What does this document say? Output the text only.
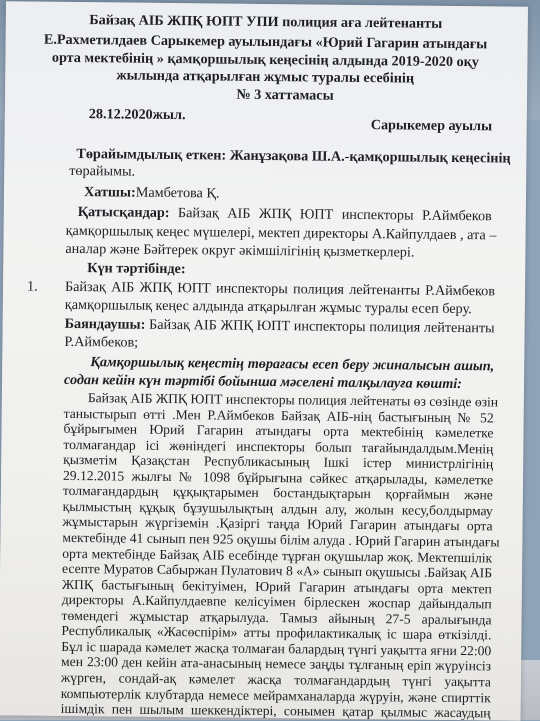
Байзақ АІБ ЖПҚ ЮПТ УПИ полиция аға лейтенанты
Е.Рахметилдаев Сарыкемер ауылындағы «Юрий Гагарин атындағы
орта мектебінің » қамқоршылық кеңесінің алдында 2019-2020 оқу
жылында атқарылған жұмыс туралы есебінің
№ 3 хаттамасы
28.12.2020жыл.
Сарыкемер ауылы
Төрайымдылық еткен: Жанұзақова Ш.А.-қамқоршылық кеңесінің
төрайымы.
Хатшы:Мамбетова Қ.
Қатысқандар: Байзақ АІБ ЖПҚ ЮПТ инспекторы Р.Аймбеков
қамқоршылық кеңес мүшелері, мектеп директоры А.Кайпулдаев , ата –
аналар және Бәйтерек округ әкімшілігінің қызметкерлері.
Күн тәртібінде:
1. Байзақ АІБ ЖПҚ ЮПТ инспекторы полиция лейтенанты Р.Аймбеков
қамқоршылық кеңес алдында атқарылған жұмыс туралы есеп беру.
Баяндаушы: Байзақ АІБ ЖПҚ ЮПТ инспекторы полиция лейтенанты
Р.Аймбеков;
Қамқоршылық кеңестің төрағасы есеп беру жиналысын ашып,
содан кейін күн тәртібі бойынша мәселені талқылауға көшті:
Байзақ АІБ ЖПҚ ЮПТ инспекторы полиция лейтенаты өз сөзінде өзін
таныстырып өтті .Мен Р.Аймбеков Байзақ АІБ-нің бастығының № 52
бұйрығымен Юрий Гагарин атындағы орта мектебінің кәмелетке
толмағандар ісі жөніндегі инспекторы болып тағайындалдым.Менің
қызметім Қазақстан Республикасының Ішкі істер министрлігінің
29.12.2015 жылғы № 1098 бұйрығына сәйкес атқарылады, кәмелетке
толмағандардың құқықтарымен бостандықтарын қорғаймын және
қылмыстың құқық бұзушылықтың алдын алу, жолын кесу,болдырмау
жұмыстарын жүргіземін .Қазіргі таңда Юрий Гагарин атындағы орта
мектебінде 41 сынып пен 925 оқушы білім алуда . Юрий Гагарин атындағы
орта мектебінде Байзақ АІБ есебінде тұрған оқушылар жоқ. Мектепшілік
есепте Муратов Сабыржан Пулатович 8 «А» сынып оқушысы .Байзақ АІБ
ЖПҚ бастығының бекітуімен, Юрий Гагарин атындағы орта мектеп
директоры А.Кайпулдаевпе келісуімен бірлескен жоспар дайындалып
төмендегі жұмыстар атқарылуда. Тамыз айының 27-5 аралығында
Республикалық «Жасөспірім» атты профилактикалық іс шара өткізілді.
Бұл іс шарада кәмелет жасқа толмаған балардың түнгі уақытта яғни 22:00
мен 23:00 ден кейін ата-анасының немесе заңды тұлғаның еріп жүруінсіз
жүрген, сондай-ақ кәмелет жасқа толмағандардың түнгі уақытта
компьютерлік клубтарда немесе мейрамханаларда жүруін, және спирттік
ішімдік пен шылым шеккендіктері, сонымен қатар қылмыс жасаудың
